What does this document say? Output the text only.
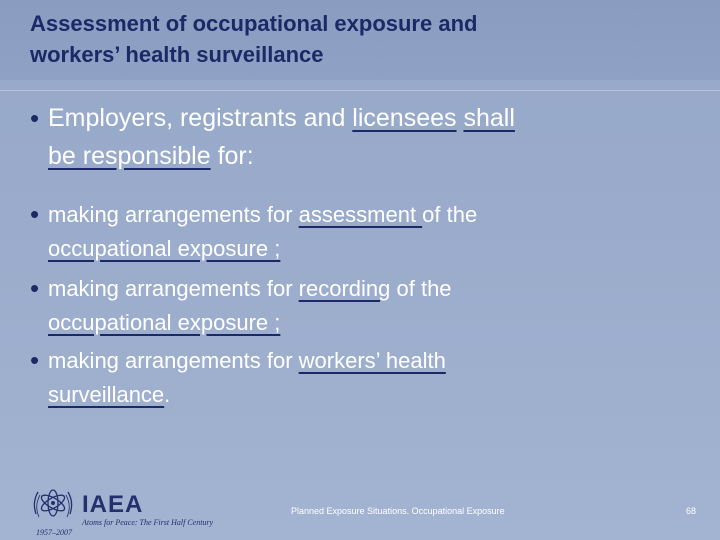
Assessment of occupational exposure and
workers’ health surveillance
• Employers, registrants and licensees shall
be responsible for:
• making arrangements for assessment of the
occupational exposure ;
• making arrangements for recording of the
occupational exposure ;
• making arrangements for workers’ health
surveillance.
IAEA
Atoms for Peace: The First Half Century
1957–2007
Planned Exposure Situations. Occupational Exposure	68
